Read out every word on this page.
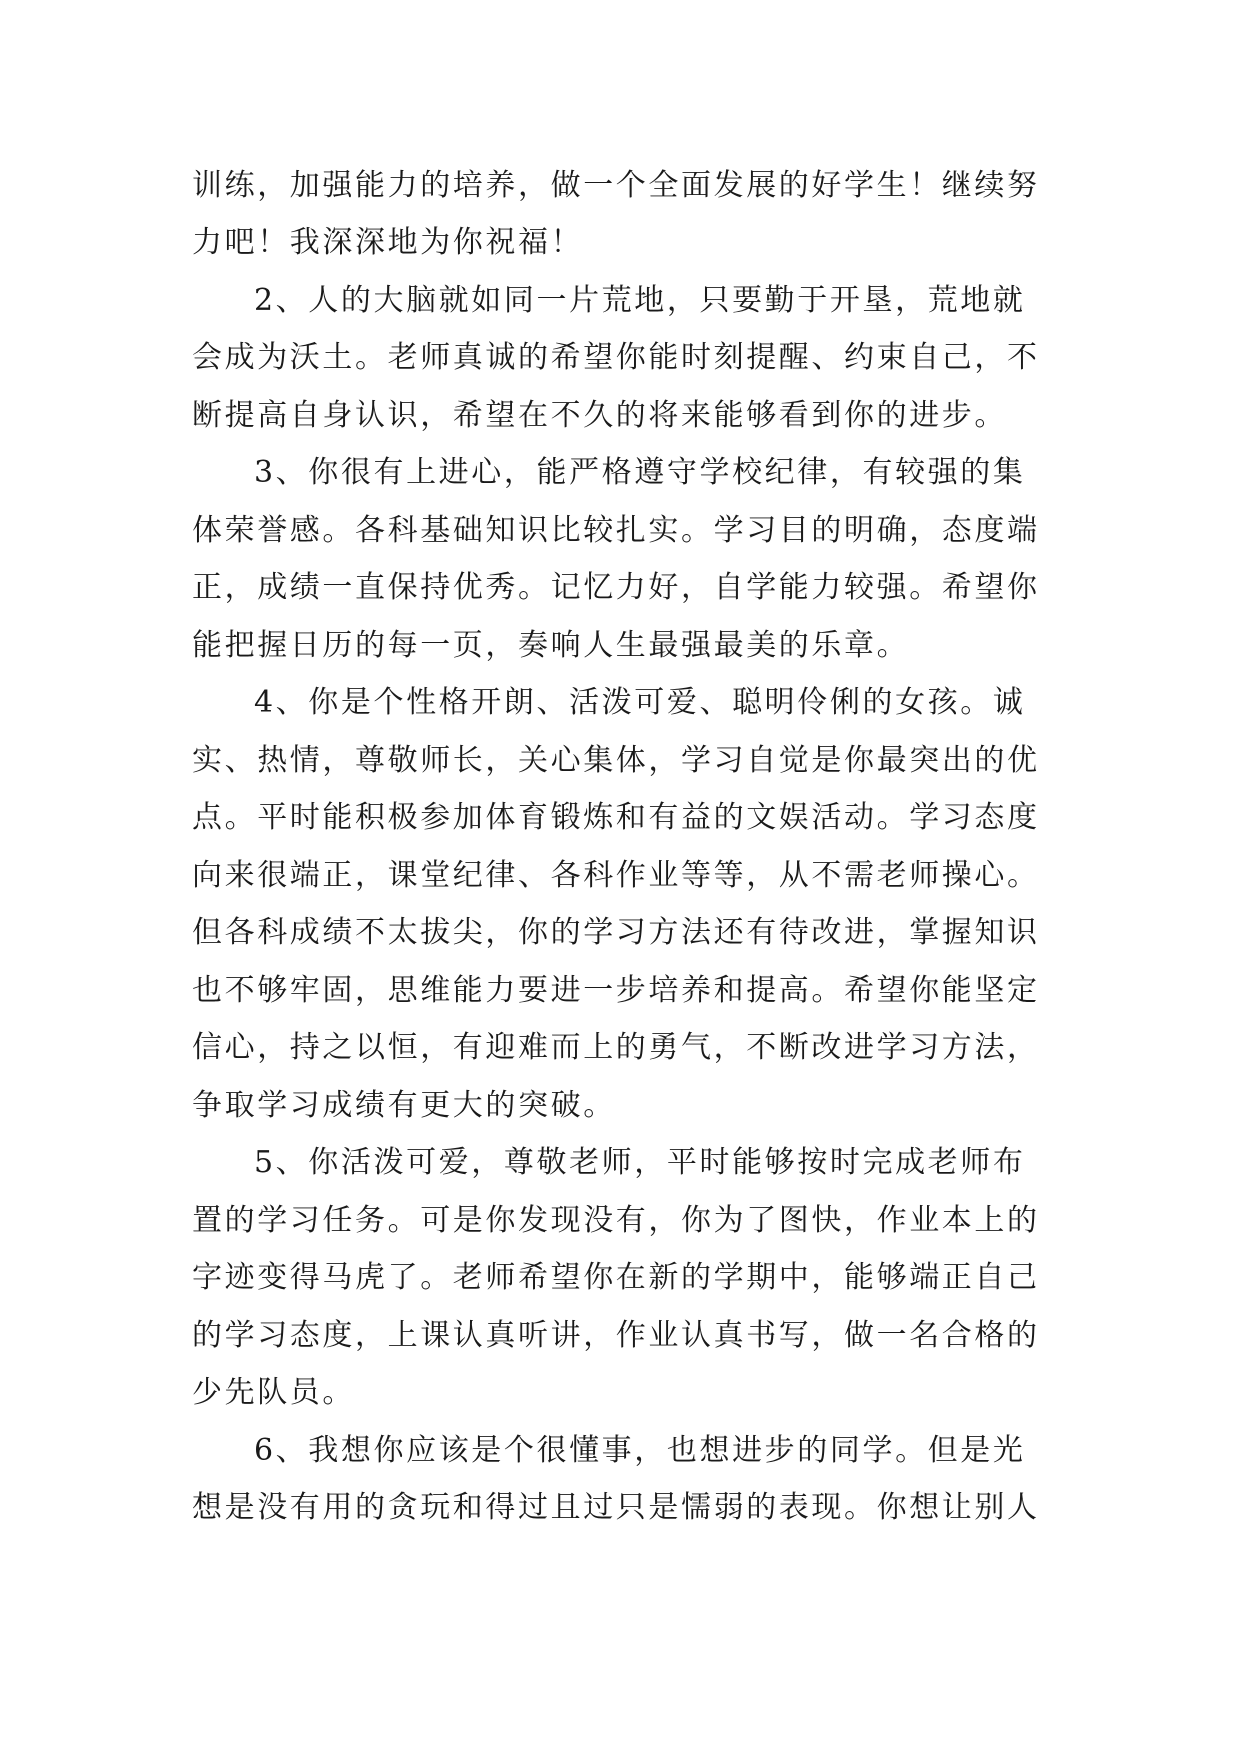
训练，加强能力的培养，做一个全面发展的好学生！继续努
力吧！我深深地为你祝福！
2、人的大脑就如同一片荒地，只要勤于开垦，荒地就
会成为沃土。老师真诚的希望你能时刻提醒、约束自己，不
断提高自身认识，希望在不久的将来能够看到你的进步。
3、你很有上进心，能严格遵守学校纪律，有较强的集
体荣誉感。各科基础知识比较扎实。学习目的明确，态度端
正，成绩一直保持优秀。记忆力好，自学能力较强。希望你
能把握日历的每一页，奏响人生最强最美的乐章。
4、你是个性格开朗、活泼可爱、聪明伶俐的女孩。诚
实、热情，尊敬师长，关心集体，学习自觉是你最突出的优
点。平时能积极参加体育锻炼和有益的文娱活动。学习态度
向来很端正，课堂纪律、各科作业等等，从不需老师操心。
但各科成绩不太拔尖，你的学习方法还有待改进，掌握知识
也不够牢固，思维能力要进一步培养和提高。希望你能坚定
信心，持之以恒，有迎难而上的勇气，不断改进学习方法，
争取学习成绩有更大的突破。
5、你活泼可爱，尊敬老师，平时能够按时完成老师布
置的学习任务。可是你发现没有，你为了图快，作业本上的
字迹变得马虎了。老师希望你在新的学期中，能够端正自己
的学习态度，上课认真听讲，作业认真书写，做一名合格的
少先队员。
6、我想你应该是个很懂事，也想进步的同学。但是光
想是没有用的贪玩和得过且过只是懦弱的表现。你想让别人
